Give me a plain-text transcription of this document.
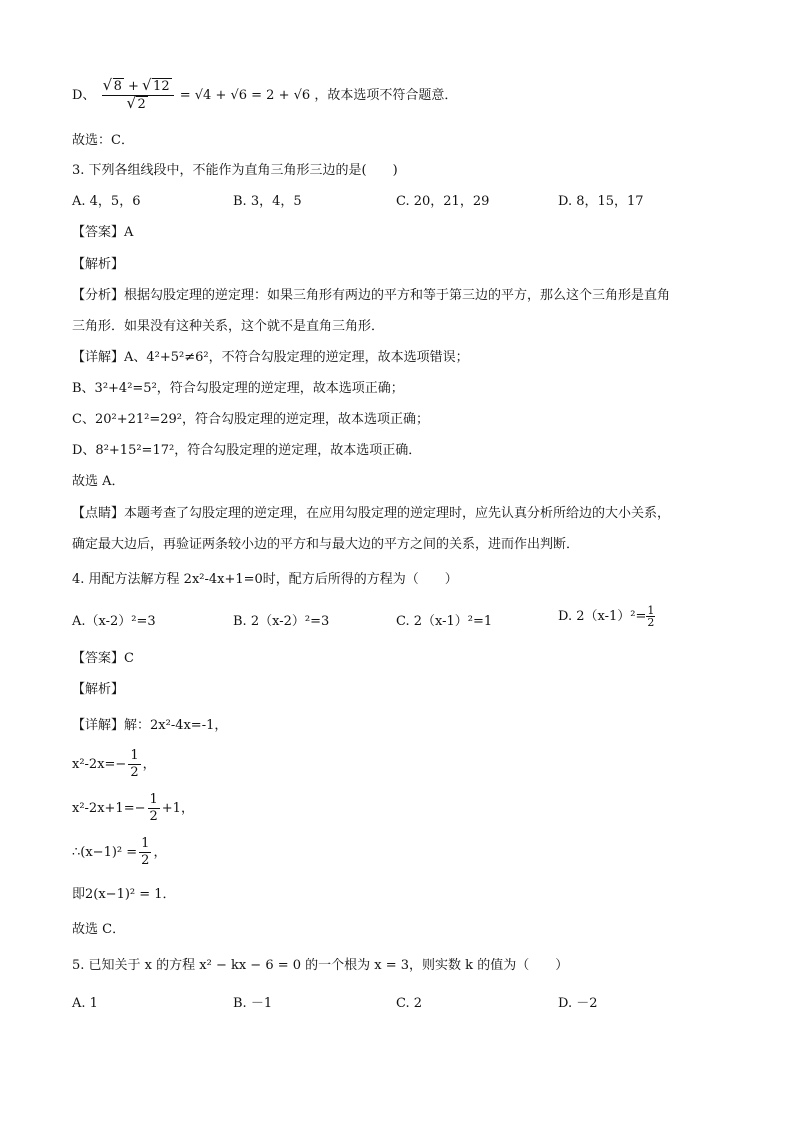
D、 √ 8 + √ 12
√ 2 = √4 + √6 = 2 + √6 ，故本选项不符合题意．
故选：C．
3. 下列各组线段中，不能作为直角三角形三边的是(　　)
A. 4，5，6	B. 3，4，5	C. 20，21，29	D. 8，15，17
【答案】A
【解析】
【分析】根据勾股定理的逆定理：如果三角形有两边的平方和等于第三边的平方，那么这个三角形是直角
三角形．如果没有这种关系，这个就不是直角三角形．
【详解】A、4²+5²≠6²，不符合勾股定理的逆定理，故本选项错误；
B、3²+4²=5²，符合勾股定理的逆定理，故本选项正确；
C、20²+21²=29²，符合勾股定理的逆定理，故本选项正确；
D、8²+15²=17²，符合勾股定理的逆定理，故本选项正确．
故选 A．
【点睛】本题考查了勾股定理的逆定理，在应用勾股定理的逆定理时，应先认真分析所给边的大小关系，
确定最大边后，再验证两条较小边的平方和与最大边的平方之间的关系，进而作出判断．
4. 用配方法解方程 2x²-4x+1=0时，配方后所得的方程为（　　）
A.（x-2）²=3	B. 2（x-2）²=3	C. 2（x-1）²=1	D. $2(x-1)^2= \frac{1}{2}$
【答案】C
【解析】
【详解】解：2x²-4x=-1，
$x^2-2x=- \frac{1}{2}$ ，
$x^2-2x+1=- \frac{1}{2} +1$，
∴(x−1)² = $\frac{1}{2}$ ，
即2(x−1)² = 1．
故选 C．
5. 已知关于 x 的方程 x² − kx − 6 = 0 的一个根为 x = 3，则实数 k 的值为（　　）
A. 1	B. －1	C. 2	D. －2
